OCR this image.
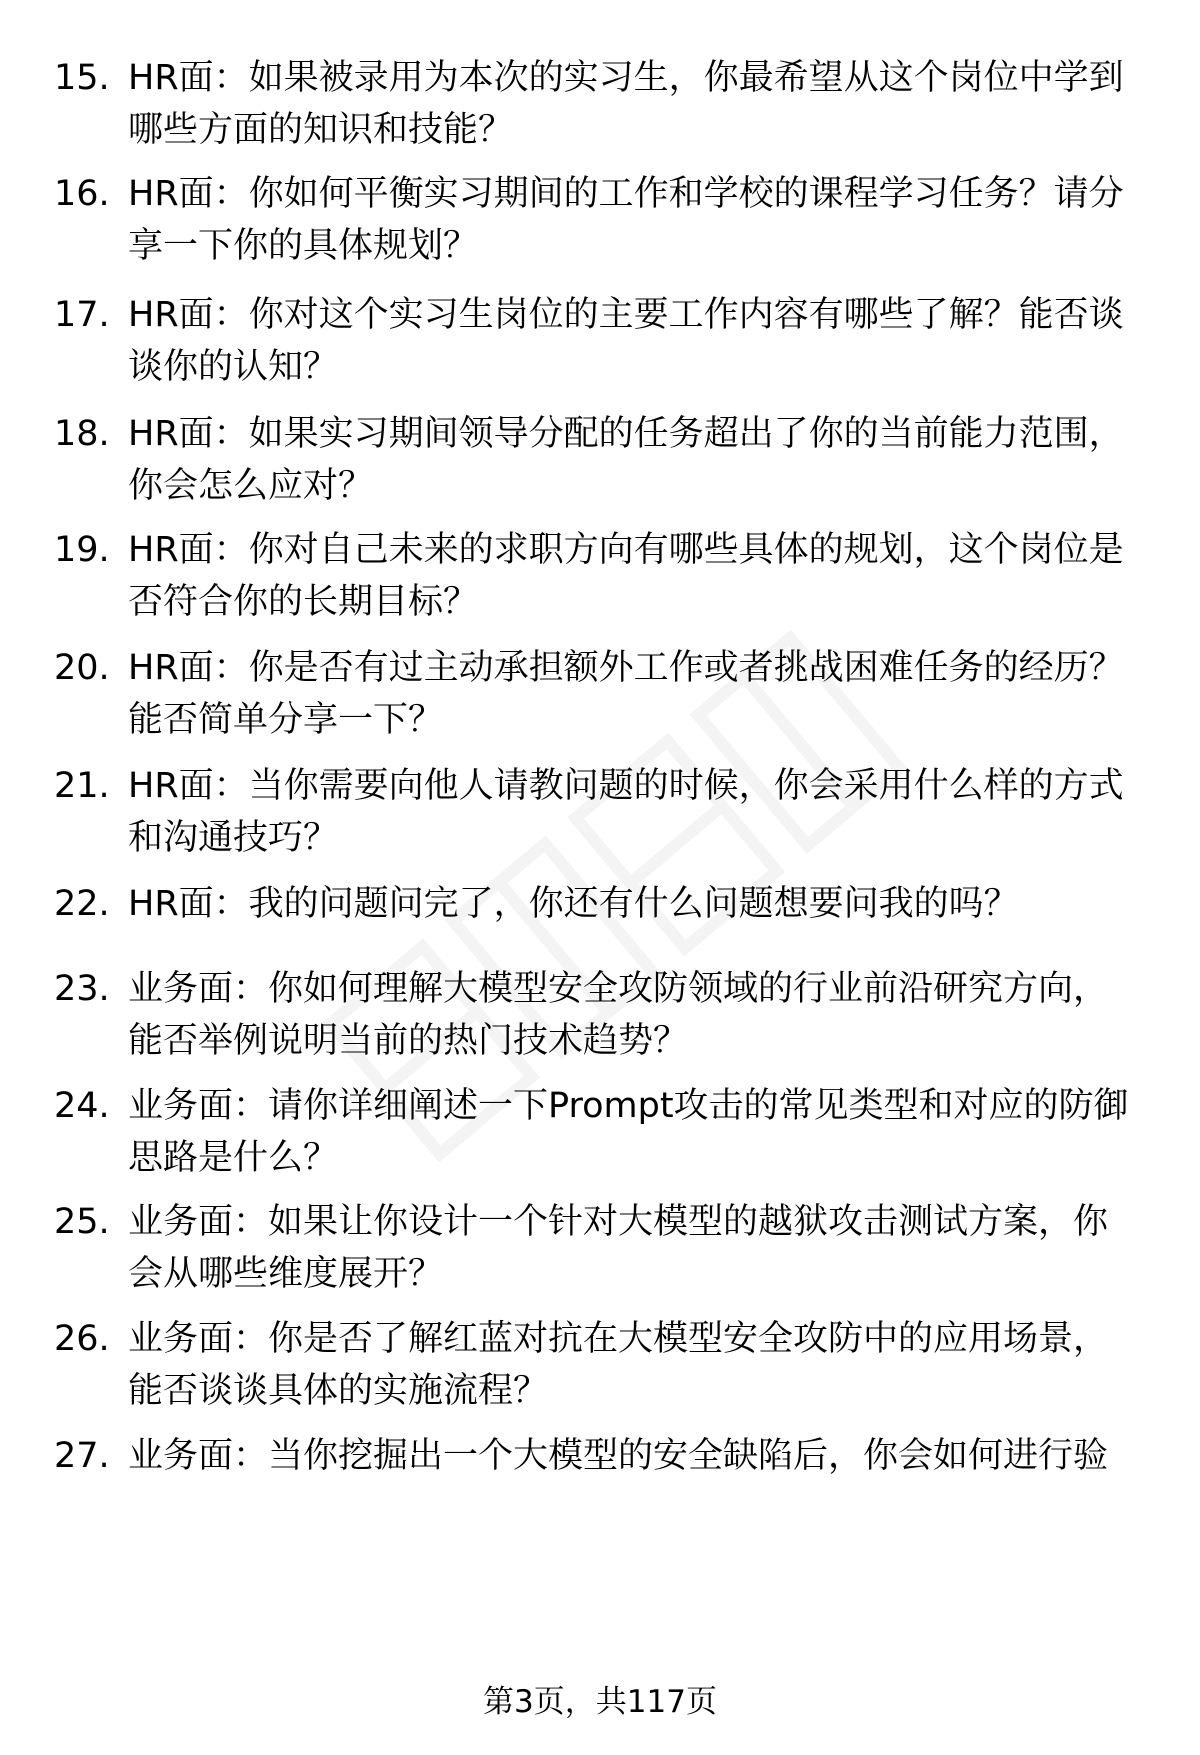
15. HR面：如果被录用为本次的实习生，你最希望从这个岗位中学到
哪些方面的知识和技能？
16. HR面：你如何平衡实习期间的工作和学校的课程学习任务？请分
享一下你的具体规划？
17. HR面：你对这个实习生岗位的主要工作内容有哪些了解？能否谈
谈你的认知？
18. HR面：如果实习期间领导分配的任务超出了你的当前能力范围，
你会怎么应对？
19. HR面：你对自己未来的求职方向有哪些具体的规划，这个岗位是
否符合你的长期目标？
20. HR面：你是否有过主动承担额外工作或者挑战困难任务的经历？
能否简单分享一下？
21. HR面：当你需要向他人请教问题的时候，你会采用什么样的方式
和沟通技巧？
22. HR面：我的问题问完了，你还有什么问题想要问我的吗？
23. 业务面：你如何理解大模型安全攻防领域的行业前沿研究方向，
能否举例说明当前的热门技术趋势？
24. 业务面：请你详细阐述一下Prompt攻击的常见类型和对应的防御
思路是什么？
25. 业务面：如果让你设计一个针对大模型的越狱攻击测试方案，你
会从哪些维度展开？
26. 业务面：你是否了解红蓝对抗在大模型安全攻防中的应用场景，
能否谈谈具体的实施流程？
27. 业务面：当你挖掘出一个大模型的安全缺陷后，你会如何进行验
第3页，共117页
